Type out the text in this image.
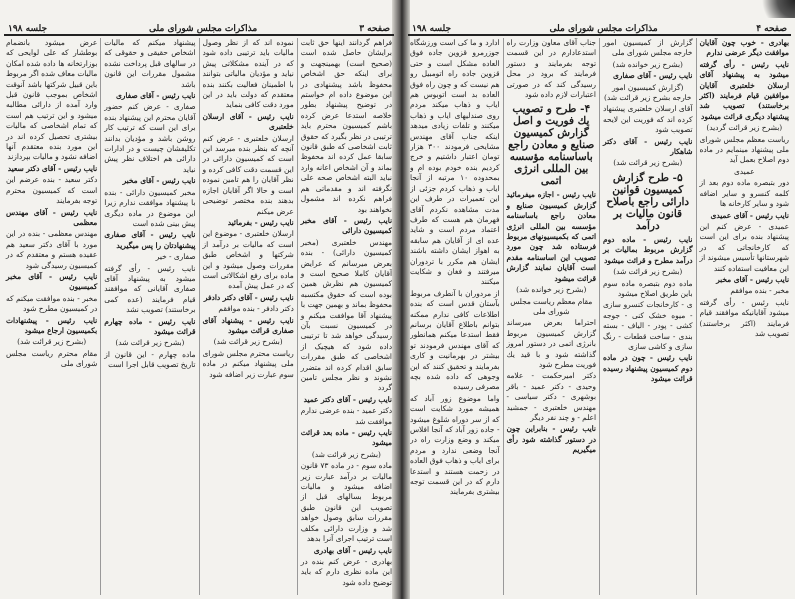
صفحه ۳
مذاکرات مجلس شورای ملی
جلسه ۱۹۸

فراهم گردانند اینها حق ثابت برایشان حاصل شده است (صحیح است) بهمینجهت و برای اینکه حق اشخاص محفوظ باشد پیشنهادی در این موضوع داده ام خواستم در توضیح پیشنهاد بطور خلاصه استدعا عرض کرده باشم کمیسیون محترم باید ترتیبی در نظر بگیرد که حقوق ثابت اشخاصی که طبق قانون سابقا عمل کرده اند محفوظ بماند و آن اشخاص اعانه وارد نباید البته اشخاص صحه علی نگرفته اند و مقدماتی هم فراهم نکرده اند مشمول نخواهند بود

نایب رئیس - آقای مخبر کمیسیون دارائی

مهندس خلعتبری (مخبر کمیسیون دارائی) - بنده بعرض میرسانم که عرایض آقایان کاملا صحیح است و کمیسیون هم نظرش همین بوده است که حقوق مکتسبه محفوظ بماند و بهمین جهت با پیشنهاد آقا موافقت میکنم و در کمیسیون نسبت بآن رسیدگی خواهد شد تا ترتیبی داده شود که هیچیک از اشخاصی که طبق مقررات سابق اقدام کرده اند متضرر نشوند و نظر مجلس تامین گردد

نایب رئیس - آقای دکتر عمید

دکتر عمید - بنده عرضی ندارم موافقت شد

نایب رئیس - ماده بعد قرائت میشود

(بشرح زیر قرائت شد)

ماده سوم - در ماده ۷۳ قانون مالیات بر درآمد عبارت زیر اضافه میشود و مالیات مربوط بسالهای قبل از تصویب این قانون طبق مقررات سابق وصول خواهد شد و وزارت دارائی مکلف است ترتیب اجرای آنرا بدهد

نایب رئیس - آقای بهادری

بهادری - عرض کنم بنده در این ماده نظری دارم که باید توضیح داده شود

نموده اند که از نظر وصول مالیات باید ترتیبی داده شود که در آینده مشکلاتی پیش نیاید و مؤدیان مالیاتی بتوانند با اطمینان فعالیت بکنند بنده معتقدم که دولت باید در این مورد دقت کافی بنماید

نایب رئیس - آقای ارسلان خلعتبری

ارسلان خلعتبری - عرض کنم آنچه که بنظر بنده میرسد این است که کمیسیون دارائی در این قسمت دقت کافی کرده و نظر آقایان را هم تامین نموده است و حالا اگر آقایان اجازه بدهند بنده مختصر توضیحی عرض میکنم

نایب رئیس - بفرمائید

ارسلان خلعتبری - موضوع این است که مالیات بر درآمد از شرکتها و اشخاص طبق مقررات وصول میشود و این ماده برای رفع اشکالاتی است که در عمل پیش آمده

نایب رئیس - آقای دکتر دادفر

دکتر دادفر - بنده موافقم

نایب رئیس - پیشنهاد آقای صفاری قرائت میشود

(بشرح زیر قرائت شد)

ریاست محترم مجلس شورای ملی پیشنهاد میکنم در ماده سوم عبارت زیر اضافه شود

پیشنهاد میکنم که مالیات اشخاص حقیقی و حقوقی که در سالهای قبل پرداخت نشده مشمول مقررات این قانون باشد

نایب رئیس - آقای صفاری

صفاری - عرض کنم حضور آقایان محترم این پیشنهاد بنده برای این است که ترتیب کار روشن باشد و مؤدیان بدانند تکلیفشان چیست و در ادارات دارائی هم اختلاف نظر پیش نیاید

نایب رئیس - آقای مخبر

مخبر کمیسیون دارائی - بنده با پیشنهاد موافقت ندارم زیرا این موضوع در ماده دیگری پیش بینی شده است

نایب رئیس - آقای صفاری پیشنهادتان را پس میگیرید

صفاری - خیر

نایب رئیس - رأی گرفته میشود به پیشنهاد آقای صفاری آقایانی که موافقند قیام فرمایند (عده کمی برخاستند) تصویب نشد

نایب رئیس - ماده چهارم قرائت میشود

(بشرح زیر قرائت شد)

ماده چهارم - این قانون از تاریخ تصویب قابل اجرا است

عرض میشود بانضمام بوطشار که علی لوایحی که بوزارتخانه ها داده شده امکان مالیات معاف شده اگر مربوط باین قبیل شرکتها باشد آنوقت اشخاص بموجب قانون قبل وارد آمده از دارائی مطالبه میشود و این ترتیب هم است که تمام اشخاصی که مالیات بیشتری تحصیل کرده اند در این مورد بنده معتقدم آنها اضافه نشود و مالیات بپردازند

نایب رئیس - آقای دکتر سعید

دکتر سعید - بنده عرضم این است که کمیسیون محترم توجه بفرمایند

نایب رئیس - آقای مهندس معظمی

مهندس معظمی - بنده در این مورد با آقای دکتر سعید هم عقیده هستم و معتقدم که در کمیسیون رسیدگی شود

نایب رئیس - آقای مخبر کمیسیون

مخبر - بنده موافقت میکنم که در کمیسیون مطرح شود

نایب رئیس - پیشنهادات بکمیسیون ارجاع میشود

(بشرح زیر قرائت شد)

مقام محترم ریاست مجلس شورای ملی

صفحه ۴
مذاکرات مجلس شورای ملی
جلسه ۱۹۸

بهادری - خوب چون آقایان موافقت دیگر عرضی ندارم

نایب رئیس - رأی گرفته میشود به پیشنهاد آقای ارسلان خلعتبری آقایان موافقین قیام فرمایند (اکثر برخاستند) تصویب شد پیشنهاد دیگری قرائت میشود

(بشرح زیر قرائت گردید)

ریاست معظم مجلس شورای ملی پیشنهاد مینمایم در ماده دوم اصلاح بعمل آید

عمیدی

دور بتبصره ماده دوم بعد از کلمه کنسرو و سایر اضافه شود و سایر کارخانه ها

نایب رئیس - آقای عمیدی

عمیدی - عرض کنم این پیشنهاد بنده برای این است که کارخانجاتی که در شهرستانها تأسیس میشوند از این معافیت استفاده کنند

نایب رئیس - آقای مخبر

مخبر - بنده موافقم

نایب رئیس - رأی گرفته میشود آقایانیکه موافقند قیام فرمایند (اکثر برخاستند) تصویب شد

گزارش از کمیسیون امور خارجه مجلس شورای ملی

(بشرح زیر خوانده شد)

نایب رئیس - آقای صفاری

(گزارش کمیسیون امور خارجه بشرح زیر قرائت شد)

آقای ارسلان خلعتبری پیشنهاد کرده اند که فوریت این لایحه تصویب شود

نایب رئیس - آقای دکتر شاهکار

(بشرح زیر قرائت شد)

۵- طرح گزارش کمیسیون قوانین دارائی راجع باصلاح قانون مالیات بر درآمد

نایب رئیس - ماده دوم گزارش مربوط بمالیات بر درآمد مطرح و قرائت میشود

(بشرح زیر قرائت شد)

ماده دوم بتبصره ماده سوم باین طریق اصلاح میشود

ی - کارخانجات کنسرو سازی - میوه خشک کنی - جوجه کشی - پودر - الیاف - بسته بندی - ساخت قطعات - رنگ سازی و کاشی سازی

نایب رئیس - چون در ماده دوم کمیسیون پیشنهاد رسیده قرائت میشود

جناب آقای معاون وزارت راه استدعادارم در این قسمت توجه بفرمایند و دستور فرمایند که برود در محل رسیدگی کند که در صورتی اعتبارات لازم داده شود

۴- طرح و تصویب یك فوریت و اصل گزارش كمیسیون صنایع و معادن راجع باساسنامه مؤسسه بین المللی انرژی اتمی

نایب رئیس - اجازه میفرمائید گزارش کمیسیون صنایع و معادن راجع باساسنامه مؤسسه بین المللی انرژی اتمی که بکمیسیونهای مربوط فرستاده شد چون مورد تصویب این اساسنامه مقدم است آقایان نمایند گزارش قرائت میشود

(بشرح زیر خوانده شد)

مقام معظم ریاست مجلس شورای ملی

احتراما بعرض میرساند گزارش کمیسیون مربوط بانرژی اتمی در دستور امروز گذاشته شود و با قید یك فوریت مطرح شود

دکتر امیرحکمت - علامه وحیدی - دکتر عمید - باقر بوشهری - دکتر سیاسی - مهندس خلعتبری - جمشید اعلم - و چند نفر دیگر

نایب رئیس - بنابراین چون در دستور گذاشته شود رأی میگیریم

ادارد و ما کی است ورزشگاه جوزرمرو قزوین جاده فوق العاده مشکل است و حتی قزوین جاده راه اتومبیل رو هم نیست که و چون راه فوق العاده بد است اتوبوس هم ایاب و ذهاب میکند مردم روی صندلیهای ایاب و ذهاب میکنند و تلفات زیادی میدهد اینکه جناب آقای مهندس مشایخی فرمودند ۳۰۰ هزار تومان اعتبار داشتیم و خرج کردیم بنده خودم بوده ام و بمحدوده ۱۰ مرتبه از آنجا ایاب و ذهاب کردم جزئی از این تعمیرات در طرف این مدت مشاهده نکردم آقای فهرمان هم هست که طرف اعتماد مردم است و شاید عده ای از آقایان هم سابقه به اهواز ایشان داشته باشند ایشان هم مکرر با تردوران میرفتند و فغان و شکایت میکنند

از مردوران با آنطرف مربوط بآستان قدس است که بنده اطلاعات کافی ندارم ممکنه بتوانم باطلاع آقایان برسانم فقط استدعا میکنم همانطور که آقای مهندس فرمودند تو بیشتر در بهرمانیت و کاری بفرمایند و تحقیق کنند که این وجوهی که داده شده بچه مصرفی رسیده

واما موضوع زور آباد که همیشه مورد شکایت است که از سر دوراه شلوغ میشود - جاده زور آباد که آنجا افلاس میکند و وضع وزارت راه در آنجا وضعی ندارد و مردم برای ایاب و ذهاب فوق العاده در زحمت هستند و استدعا دارم که در این قسمت توجه بیشتری بفرمایند
